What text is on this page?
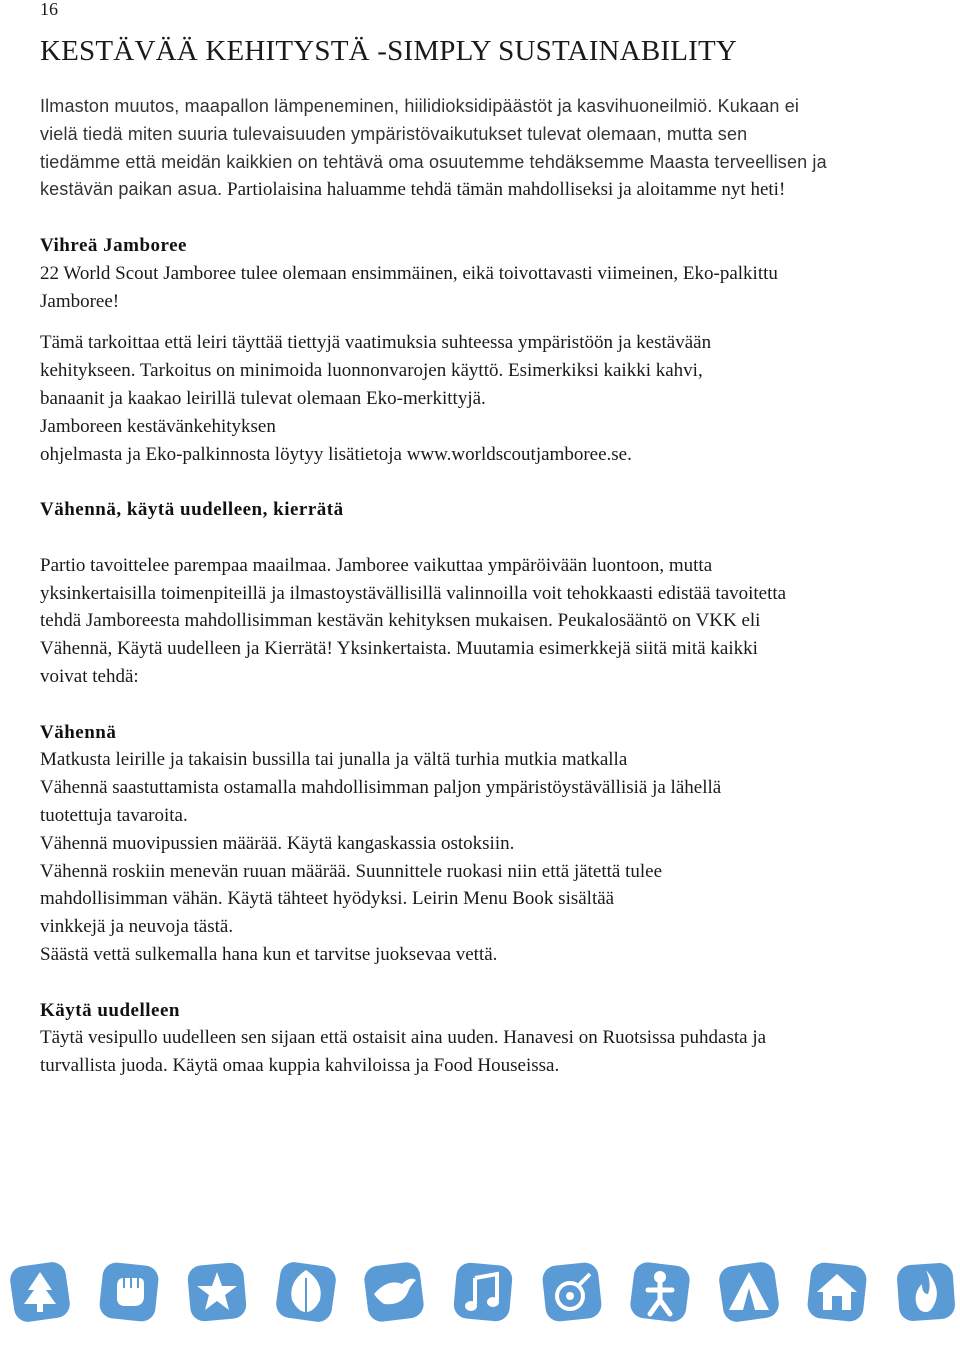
16
KESTÄVÄÄ KEHITYSTÄ -SIMPLY SUSTAINABILITY

Ilmaston muutos, maapallon lämpeneminen, hiilidioksidipäästöt ja kasvihuoneilmiö. Kukaan ei
vielä tiedä miten suuria tulevaisuuden ympäristövaikutukset tulevat olemaan, mutta sen
tiedämme että meidän kaikkien on tehtävä oma osuutemme tehdäksemme Maasta terveellisen ja
kestävän paikan asua. Partiolaisina haluamme tehdä tämän mahdolliseksi ja aloitamme nyt heti!

Vihreä Jamboree

22 World Scout Jamboree tulee olemaan ensimmäinen, eikä toivottavasti viimeinen, Eko-palkittu
Jamboree!

Tämä tarkoittaa että leiri täyttää tiettyjä vaatimuksia suhteessa ympäristöön ja kestävään
kehitykseen. Tarkoitus on minimoida luonnonvarojen käyttö. Esimerkiksi kaikki kahvi,
banaanit ja kaakao leirillä tulevat olemaan Eko-merkittyjä.
Jamboreen kestävänkehityksen
ohjelmasta ja Eko-palkinnosta löytyy lisätietoja www.worldscoutjamboree.se.

Vähennä, käytä uudelleen, kierrätä

Partio tavoittelee parempaa maailmaa. Jamboree vaikuttaa ympäröivään luontoon, mutta
yksinkertaisilla toimenpiteillä ja ilmastoystävällisillä valinnoilla voit tehokkaasti edistää tavoitetta
tehdä Jamboreesta mahdollisimman kestävän kehityksen mukaisen. Peukalosääntö on VKK eli
Vähennä, Käytä uudelleen ja Kierrätä! Yksinkertaista. Muutamia esimerkkejä siitä mitä kaikki
voivat tehdä:

Vähennä

Matkusta leirille ja takaisin bussilla tai junalla ja vältä turhia mutkia matkalla

Vähennä saastuttamista ostamalla mahdollisimman paljon ympäristöystävällisiä ja lähellä
tuotettuja tavaroita.

Vähennä muovipussien määrää. Käytä kangaskassia ostoksiin.

Vähennä roskiin menevän ruuan määrää. Suunnittele ruokasi niin että jätettä tulee
mahdollisimman vähän. Käytä tähteet hyödyksi. Leirin Menu Book sisältää
vinkkejä ja neuvoja tästä.

Säästä vettä sulkemalla hana kun et tarvitse juoksevaa vettä.

Käytä uudelleen

Täytä vesipullo uudelleen sen sijaan että ostaisit aina uuden. Hanavesi on Ruotsissa puhdasta ja
turvallista juoda. Käytä omaa kuppia kahviloissa ja Food Houseissa.
